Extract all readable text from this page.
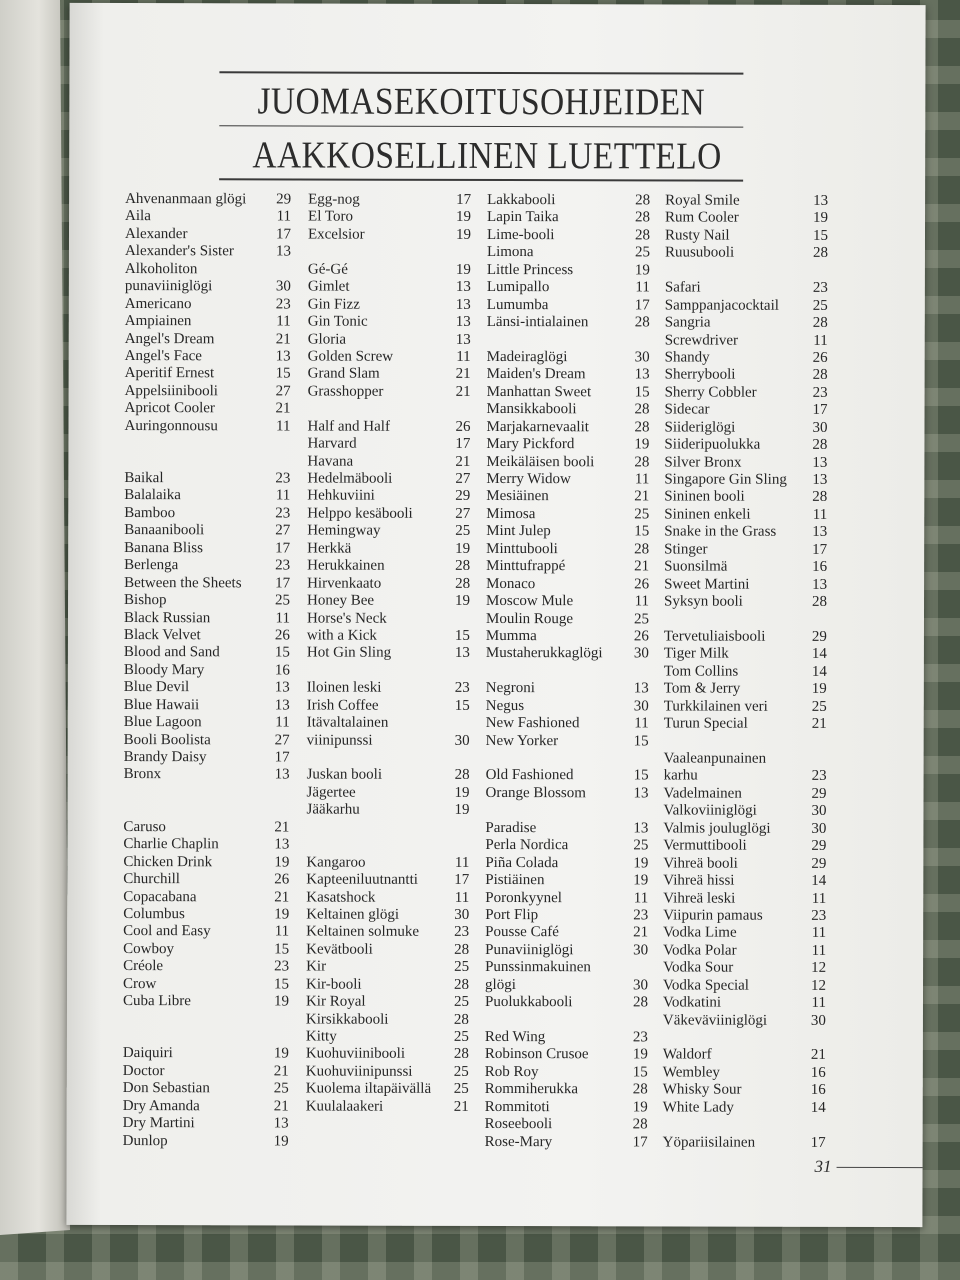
JUOMASEKOITUSOHJEIDEN
AAKKOSELLINEN LUETTELO
Ahvenanmaan glögi 29
Aila	11
Alexander	17
Alexander's Sister	13
Alkoholiton
punaviiniglögi	30
Americano	23
Ampiainen	11
Angel's Dream	21
Angel's Face	13
Aperitif Ernest	15
Appelsiinibooli	27
Apricot Cooler	21
Auringonnousu	11
Baikal	23
Balalaika	11
Bamboo	23
Banaanibooli	27
Banana Bliss	17
Berlenga	23
Between the Sheets 17
Bishop	25
Black Russian	11
Black Velvet	26
Blood and Sand	15
Bloody Mary	16
Blue Devil	13
Blue Hawaii	13
Blue Lagoon	11
Booli Boolista	27
Brandy Daisy	17
Bronx	13
Caruso	21
Charlie Chaplin	13
Chicken Drink	19
Churchill	26
Copacabana	21
Columbus	19
Cool and Easy	11
Cowboy	15
Créole	23
Crow	15
Cuba Libre	19
Daiquiri	19
Doctor	21
Don Sebastian	25
Dry Amanda	21
Dry Martini	13
Dunlop	19
Egg-nog	17
El Toro	19
Excelsior	19
Gé-Gé	19
Gimlet	13
Gin Fizz	13
Gin Tonic	13
Gloria	13
Golden Screw	11
Grand Slam	21
Grasshopper	21
Half and Half	26
Harvard	17
Havana	21
Hedelmäbooli	27
Hehkuviini	29
Helppo kesäbooli	27
Hemingway	25
Herkkä	19
Herukkainen	28
Hirvenkaato	28
Honey Bee	19
Horse's Neck
with a Kick	15
Hot Gin Sling	13
Iloinen leski	23
Irish Coffee	15
Itävaltalainen
viinipunssi	30
Juskan booli	28
Jägertee	19
Jääkarhu	19
Kangaroo	11
Kapteeniluutnantti 17
Kasatshock	11
Keltainen glögi	30
Keltainen solmuke 23
Kevätbooli	28
Kir	25
Kir-booli	28
Kir Royal	25
Kirsikkabooli	28
Kitty	25
Kuohuviinibooli	28
Kuohuviinipunssi	25
Kuolema iltapäivällä 25
Kuulalaakeri	21
Lakkabooli	28
Lapin Taika	28
Lime-booli	28
Limona	25
Little Princess	19
Lumipallo	11
Lumumba	17
Länsi-intialainen	28
Madeiraglögi	30
Maiden's Dream	13
Manhattan Sweet	15
Mansikkabooli	28
Marjakarnevaalit	28
Mary Pickford	19
Meikäläisen booli	28
Merry Widow	11
Mesiäinen	21
Mimosa	25
Mint Julep	15
Minttubooli	28
Minttufrappé	21
Monaco	26
Moscow Mule	11
Moulin Rouge	25
Mumma	26
Mustaherukkaglögi 30
Negroni	13
Negus	30
New Fashioned	11
New Yorker	15
Old Fashioned	15
Orange Blossom	13
Paradise	13
Perla Nordica	25
Piña Colada	19
Pistiäinen	19
Poronkyynel	11
Port Flip	23
Pousse Café	21
Punaviiniglögi	30
Punssinmakuinen
glögi	30
Puolukkabooli	28
Red Wing	23
Robinson Crusoe	19
Rob Roy	15
Rommiherukka	28
Rommitoti	19
Roseebooli	28
Rose-Mary	17
Royal Smile	13
Rum Cooler	19
Rusty Nail	15
Ruusubooli	28
Safari	23
Samppanjacocktail 25
Sangria	28
Screwdriver	11
Shandy	26
Sherrybooli	28
Sherry Cobbler	23
Sidecar	17
Siideriglögi	30
Siideripuolukka	28
Silver Bronx	13
Singapore Gin Sling 13
Sininen booli	28
Sininen enkeli	11
Snake in the Grass 13
Stinger	17
Suonsilmä	16
Sweet Martini	13
Syksyn booli	28
Tervetuliaisbooli	29
Tiger Milk	14
Tom Collins	14
Tom & Jerry	19
Turkkilainen veri	25
Turun Special	21
Vaaleanpunainen
karhu	23
Vadelmainen	29
Valkoviiniglögi	30
Valmis jouluglögi	30
Vermuttibooli	29
Vihreä booli	29
Vihreä hissi	14
Vihreä leski	11
Viipurin pamaus	23
Vodka Lime	11
Vodka Polar	11
Vodka Sour	12
Vodka Special	12
Vodkatini	11
Väkeväviiniglögi	30
Waldorf	21
Wembley	16
Whisky Sour	16
White Lady	14
Yöpariisilainen	17
31
